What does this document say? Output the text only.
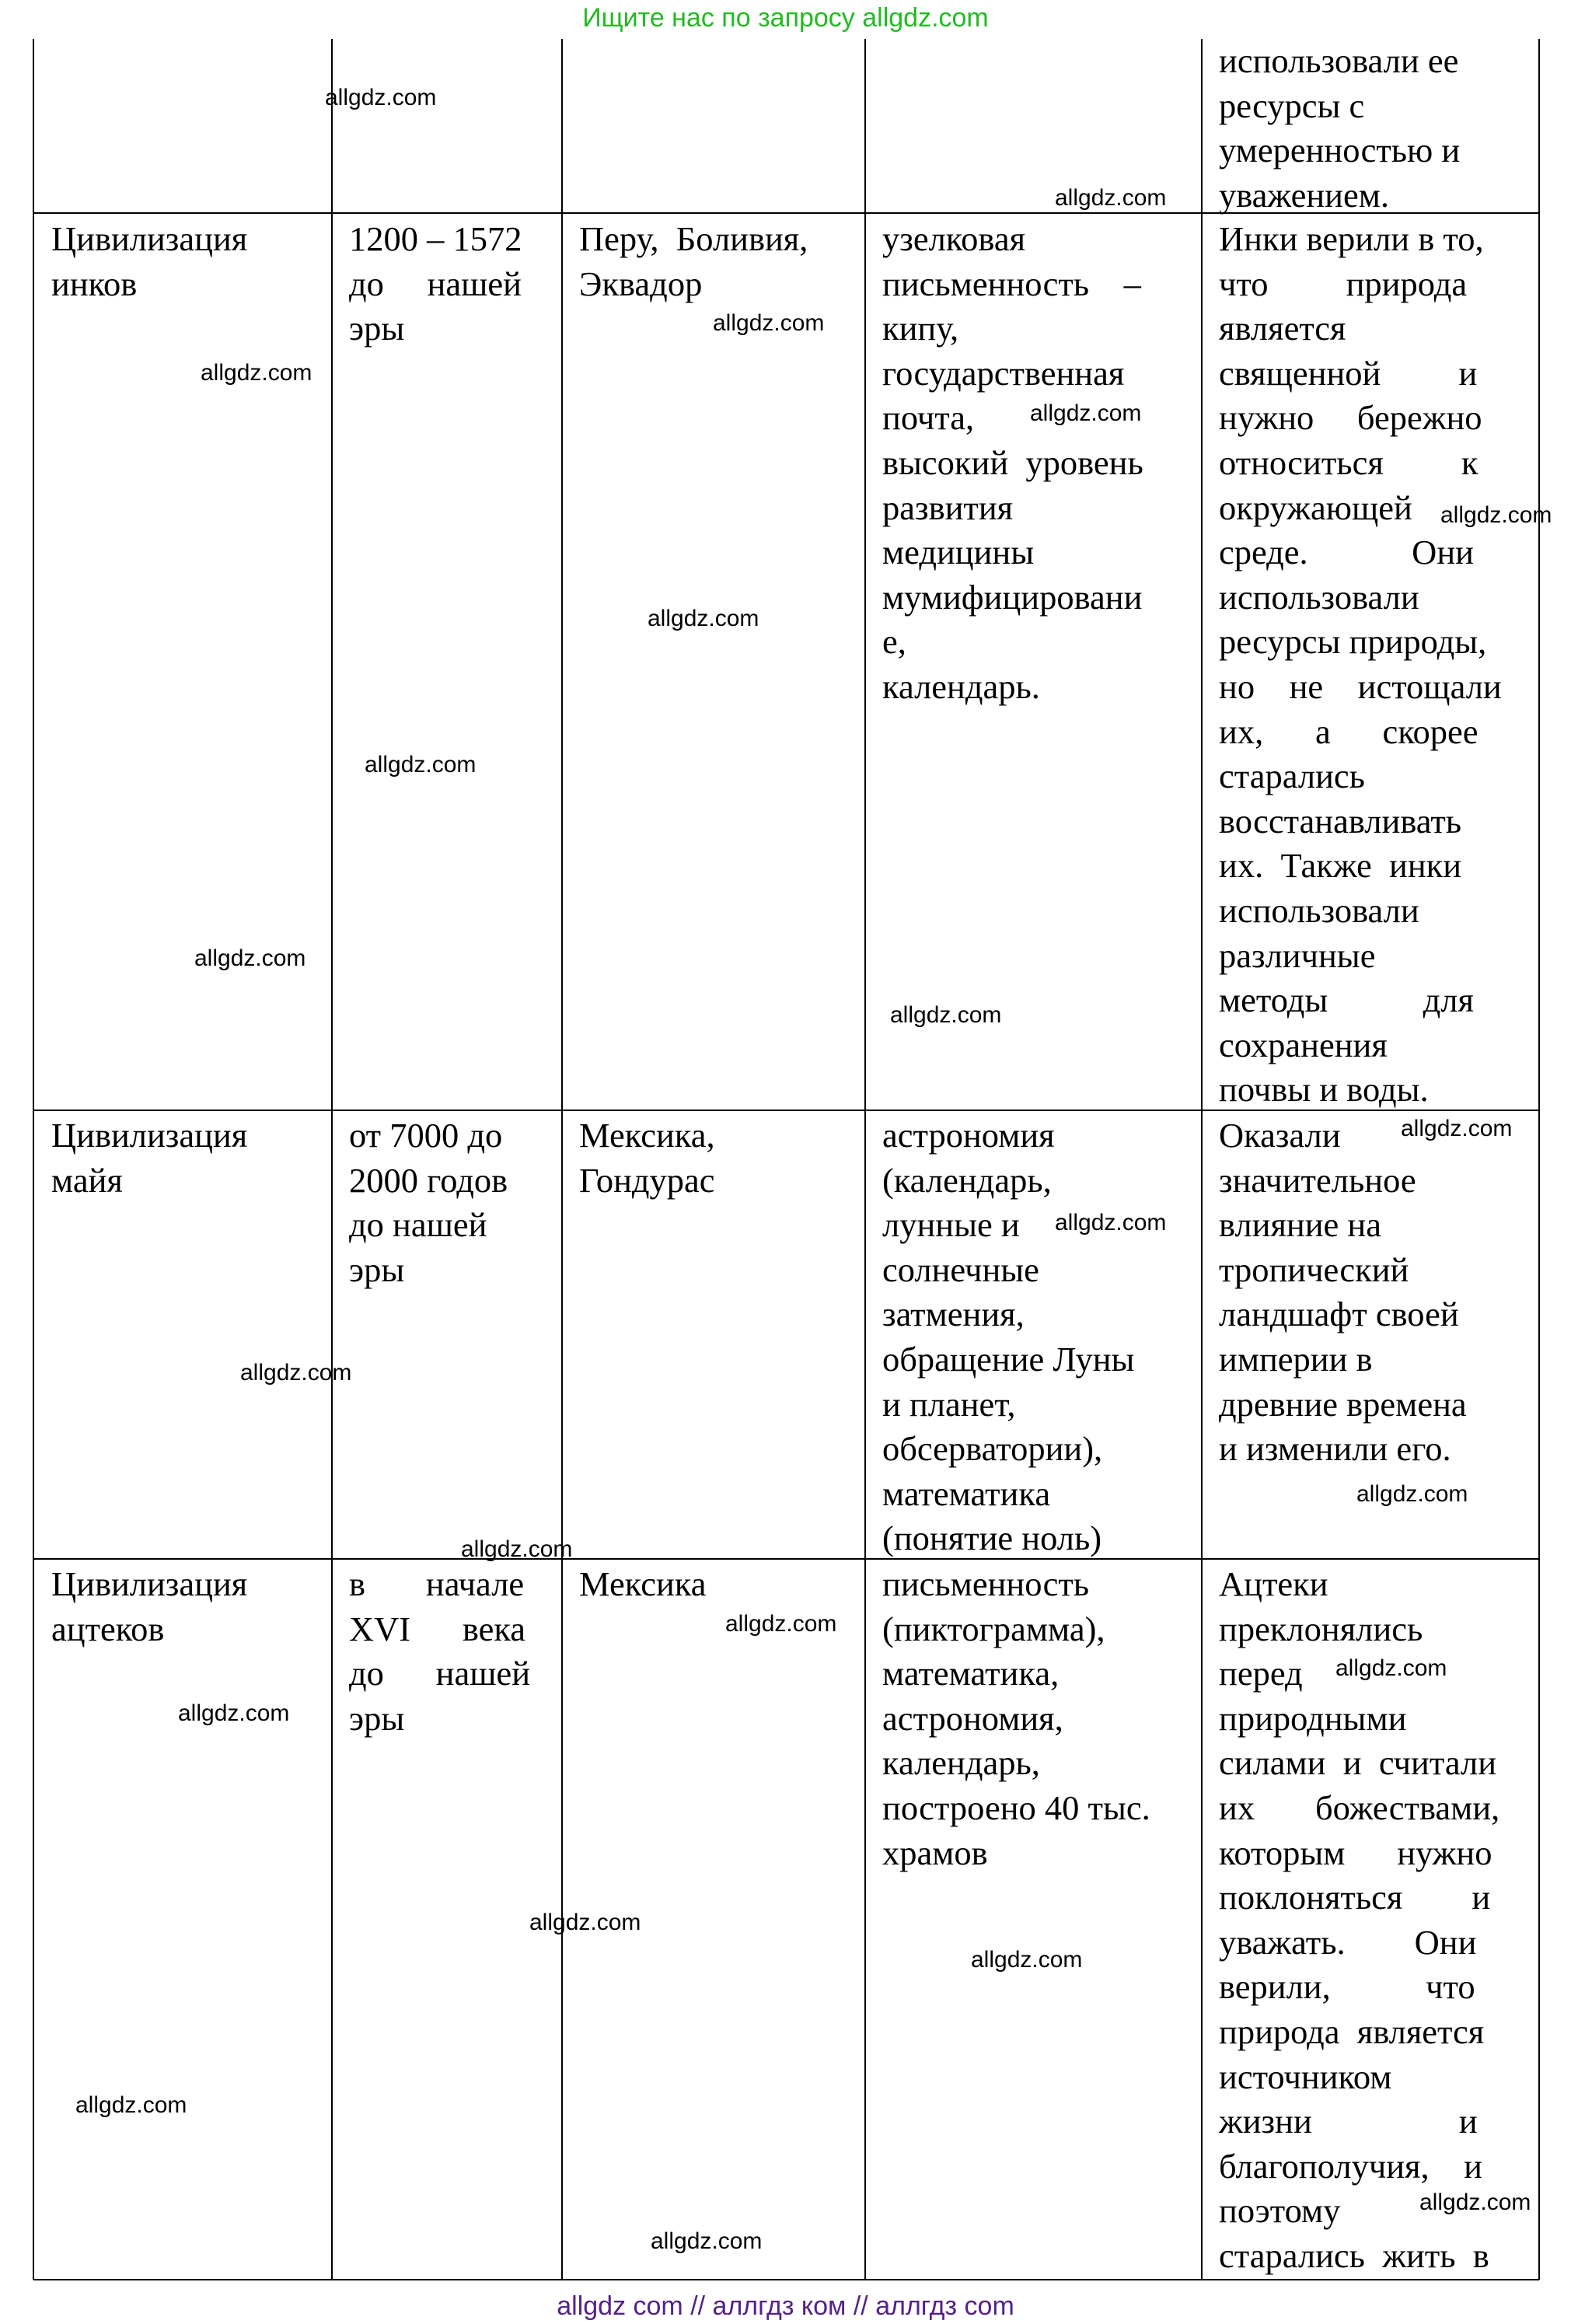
Ищите нас по запросу allgdz.com
использовали ее
ресурсы с
умеренностью и
уважением.
Цивилизация
инков
1200 – 1572
до     нашей
эры
Перу,  Боливия,
Эквадор
узелковая
письменность    –
кипу,
государственная
почта,
высокий  уровень
развития
медицины
мумифицировани
е,
календарь.
Инки верили в то,
что         природа
является
священной         и
нужно     бережно
относиться         к
окружающей
среде.            Они
использовали
ресурсы природы,
но    не    истощали
их,      а      скорее
старались
восстанавливать
их.  Также  инки
использовали
различные
методы           для
сохранения
почвы и воды.
Цивилизация
майя
от 7000 до
2000 годов
до нашей
эры
Мексика,
Гондурас
астрономия
(календарь,
лунные и
солнечные
затмения,
обращение Луны
и планет,
обсерватории),
математика
(понятие ноль)
Оказали
значительное
влияние на
тропический
ландшафт своей
империи в
древние времена
и изменили его.
Цивилизация
ацтеков
в       начале
XVI      века
до      нашей
эры
Мексика	письменность
(пиктограмма),
математика,
астрономия,
календарь,
построено 40 тыс.
храмов
Ацтеки
преклонялись
перед
природными
силами  и  считали
их       божествами,
которым      нужно
поклоняться        и
уважать.        Они
верили,           что
природа  является
источником
жизни                 и
благополучия,    и
поэтому
старались  жить  в
allgdz.com
allgdz.com
allgdz.com
allgdz.com
allgdz.com
allgdz.com
allgdz.com
allgdz.com
allgdz.com
allgdz.com
allgdz.com
allgdz.com
allgdz.com
allgdz.com
allgdz.com
allgdz.com
allgdz.com
allgdz.com
allgdz.com
allgdz.com
allgdz.com
allgdz.com
allgdz.com
allgdz com // аллгдз ком // аллгдз com
